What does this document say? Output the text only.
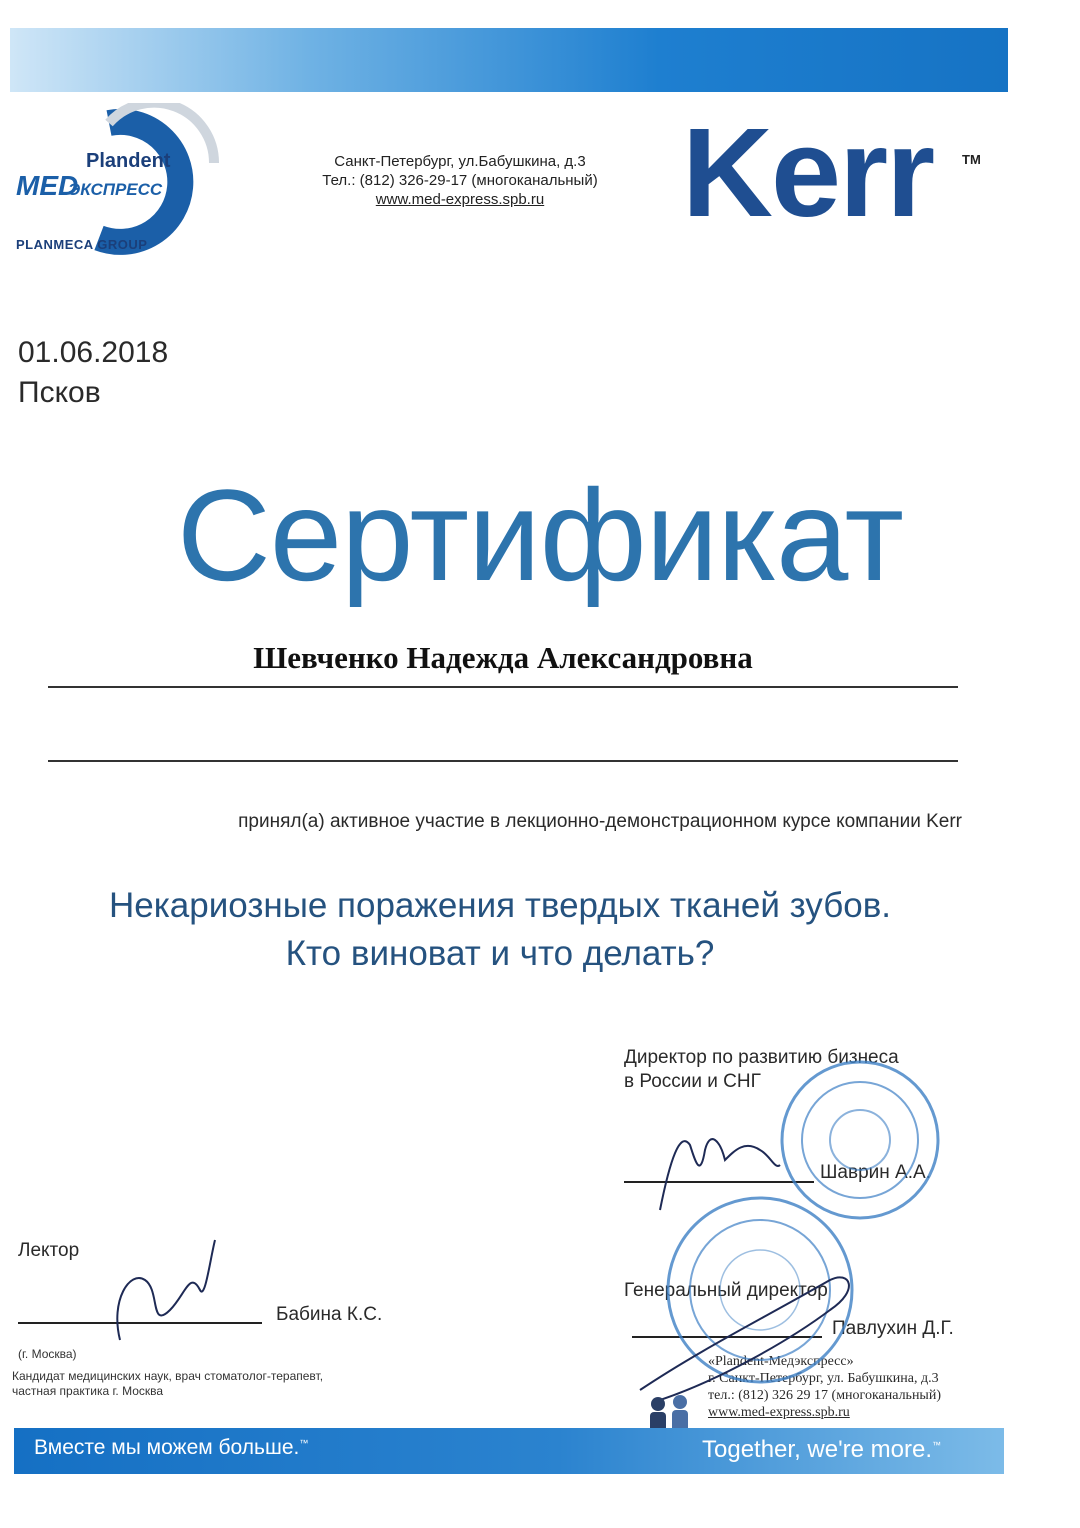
Plandent
MED
ЭКСПРЕСС
PLANMECA GROUP
Санкт-Петербург, ул.Бабушкина, д.3
Тел.: (812) 326-29-17 (многоканальный)
www.med-express.spb.ru	Kerr TM
01.06.2018
Псков
Сертификат
Шевченко Надежда Александровна
принял(а) активное участие в лекционно-демонстрационном курсе компании Kerr
Некариозные поражения твердых тканей зубов.
Кто виноват и что делать?
Директор по развитию бизнеса
в России и СНГ
Шаврин А.А.
Лектор
Бабина К.С.
(г. Москва)
Кандидат медицинских наук, врач стоматолог-терапевт,
частная практика г. Москва
Генеральный директор
Павлухин Д.Г.
«Plandent-Медэкспресс»
г. Санкт-Петербург, ул. Бабушкина, д.3
тел.: (812) 326 29 17 (многоканальный)
www.med-express.spb.ru
Вместе мы можем больше.™	Together, we're more.™
